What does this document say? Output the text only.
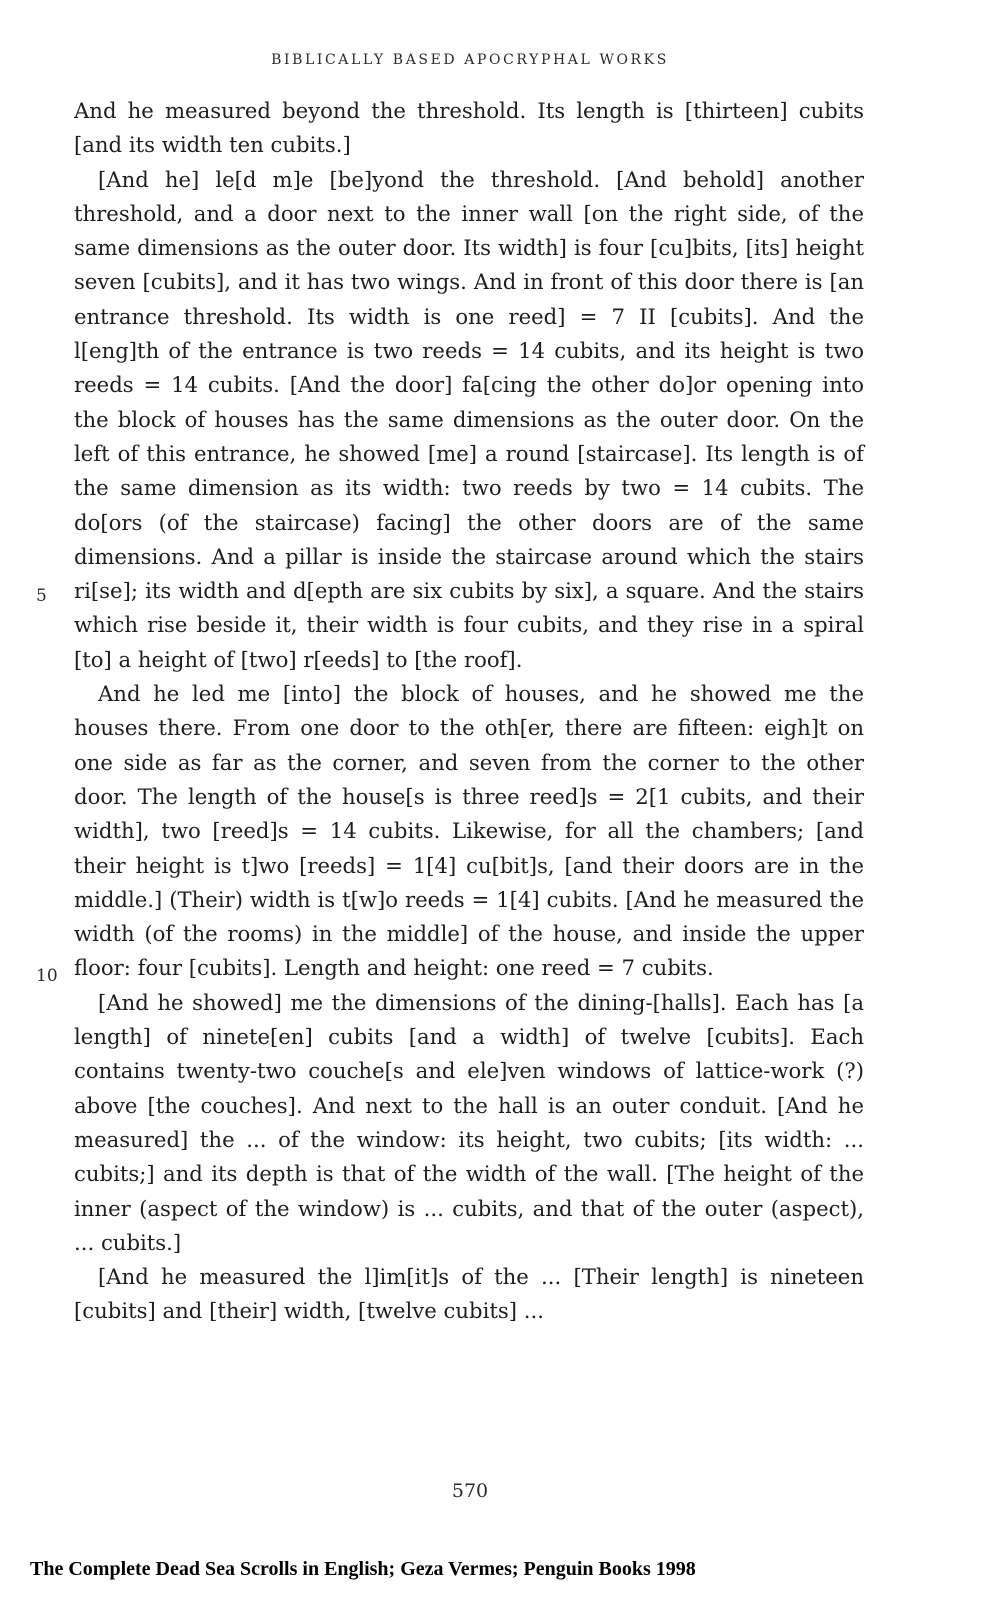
BIBLICALLY BASED APOCRYPHAL WORKS

And he measured beyond the threshold. Its length is [thirteen] cubits [and its width ten cubits.]

[And he] le[d m]e [be]yond the threshold. [And behold] another threshold, and a door next to the inner wall [on the right side, of the same dimensions as the outer door. Its width] is four [cu]bits, [its] height seven [cubits], and it has two wings. And in front of this door there is [an entrance threshold. Its width is one reed] = 7 II [cubits]. And the l[eng]th of the entrance is two reeds = 14 cubits, and its height is two reeds = 14 cubits. [And the door] fa[cing the other do]or opening into the block of houses has the same dimensions as the outer door. On the left of this entrance, he showed [me] a round [staircase]. Its length is of the same dimension as its width: two reeds by two = 14 cubits. The do[ors (of the staircase) facing] the other doors are of the same dimensions. And a pillar is inside the staircase around which the stairs ri[se]; its width and d[epth are six cubits by six], a square. And the stairs which rise beside it, their width is four cubits, and they rise in a spiral [to] a height of [two] r[eeds] to [the roof].

And he led me [into] the block of houses, and he showed me the houses there. From one door to the oth[er, there are fifteen: eigh]t on one side as far as the corner, and seven from the corner to the other door. The length of the house[s is three reed]s = 2[1 cubits, and their width], two [reed]s = 14 cubits. Likewise, for all the chambers; [and their height is t]wo [reeds] = 1[4] cu[bit]s, [and their doors are in the middle.] (Their) width is t[w]o reeds = 1[4] cubits. [And he measured the width (of the rooms) in the middle] of the house, and inside the upper floor: four [cubits]. Length and height: one reed = 7 cubits.

[And he showed] me the dimensions of the dining-[halls]. Each has [a length] of ninete[en] cubits [and a width] of twelve [cubits]. Each contains twenty-two couche[s and ele]ven windows of lattice-work (?) above [the couches]. And next to the hall is an outer conduit. [And he measured] the ... of the window: its height, two cubits; [its width: ... cubits;] and its depth is that of the width of the wall. [The height of the inner (aspect of the window) is ... cubits, and that of the outer (aspect), ... cubits.]

[And he measured the l]im[it]s of the ... [Their length] is nineteen [cubits] and [their] width, [twelve cubits] ...

5
10
570
The Complete Dead Sea Scrolls in English; Geza Vermes; Penguin Books 1998
